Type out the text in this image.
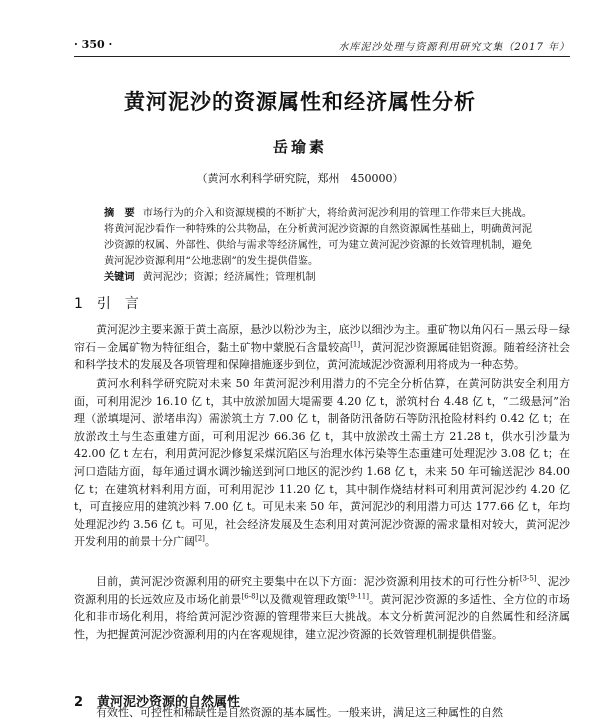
· 350 ·	水库泥沙处理与资源利用研究文集（2017 年）
黄河泥沙的资源属性和经济属性分析
岳瑜素
（黄河水利科学研究院，郑州　450000）
摘　要 市场行为的介入和资源规模的不断扩大，将给黄河泥沙利用的管理工作带来巨大挑战。将黄河泥沙看作一种特殊的公共物品，在分析黄河泥沙资源的自然资源属性基础上，明确黄河泥沙资源的权属、外部性、供给与需求等经济属性，可为建立黄河泥沙资源的长效管理机制，避免黄河泥沙资源利用“公地悲剧”的发生提供借鉴。
关键词 黄河泥沙；资源；经济属性；管理机制
1 引　言

黄河泥沙主要来源于黄土高原，悬沙以粉沙为主，底沙以细沙为主。重矿物以角闪石－黑云母－绿帘石－金属矿物为特征组合，黏土矿物中蒙脱石含量较高[1]，黄河泥沙资源属硅铝资源。随着经济社会和科学技术的发展及各项管理和保障措施逐步到位，黄河流域泥沙资源利用将成为一种态势。

黄河水利科学研究院对未来 50 年黄河泥沙利用潜力的不完全分析估算，在黄河防洪安全利用方面，可利用泥沙 16.10 亿 t，其中放淤加固大堤需要 4.20 亿 t，淤筑村台 4.48 亿 t，“二级悬河”治理（淤填堤河、淤堵串沟）需淤筑土方 7.00 亿 t，制备防汛备防石等防汛抢险材料约 0.42 亿 t；在放淤改土与生态重建方面，可利用泥沙 66.36 亿 t，其中放淤改土需土方 21.28 t，供水引沙量为 42.00 亿 t 左右，利用黄河泥沙修复采煤沉陷区与治理水体污染等生态重建可处理泥沙 3.08 亿 t；在河口造陆方面，每年通过调水调沙输送到河口地区的泥沙约 1.68 亿 t，未来 50 年可输送泥沙 84.00 亿 t；在建筑材料利用方面，可利用泥沙 11.20 亿 t，其中制作烧结材料可利用黄河泥沙约 4.20 亿 t，可直接应用的建筑沙料 7.00 亿 t。可见未来 50 年，黄河泥沙的利用潜力可达 177.66 亿 t，年均处理泥沙约 3.56 亿 t。可见，社会经济发展及生态利用对黄河泥沙资源的需求量相对较大，黄河泥沙开发利用的前景十分广阔[2]。

目前，黄河泥沙资源利用的研究主要集中在以下方面：泥沙资源利用技术的可行性分析[3-5]、泥沙资源利用的长远效应及市场化前景[6-8]以及微观管理政策[9-11]。黄河泥沙资源的多适性、全方位的市场化和非市场化利用，将给黄河泥沙资源的管理带来巨大挑战。本文分析黄河泥沙的自然属性和经济属性，为把握黄河泥沙资源利用的内在客观规律，建立泥沙资源的长效管理机制提供借鉴。

2 黄河泥沙资源的自然属性

有效性、可控性和稀缺性是自然资源的基本属性。一般来讲，满足这三种属性的自然
